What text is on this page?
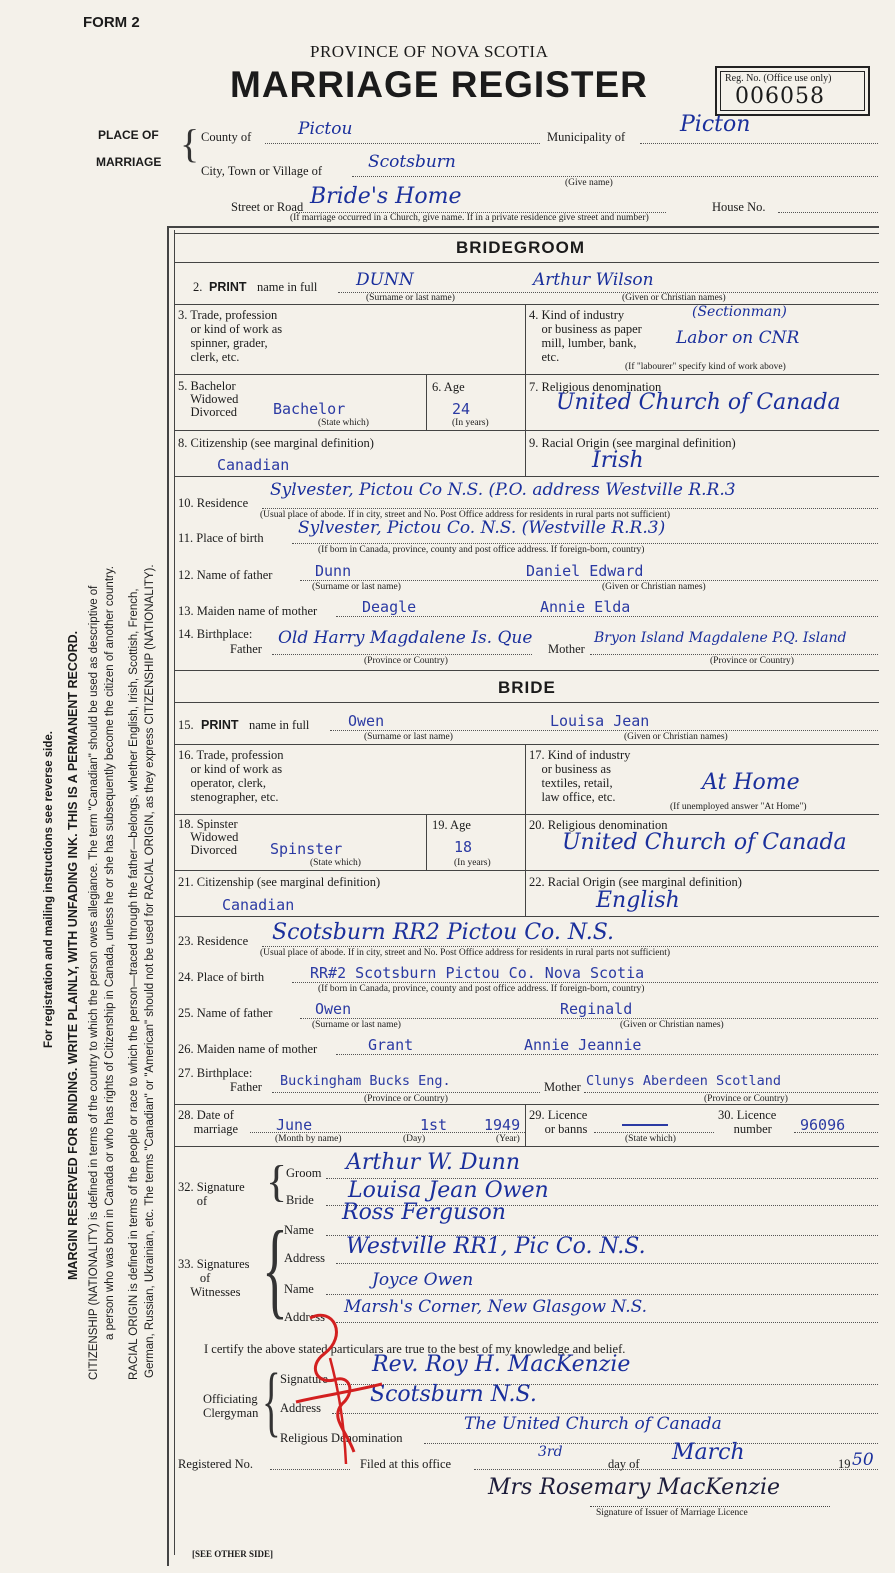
FORM 2
PROVINCE OF NOVA SCOTIA
MARRIAGE REGISTER	Reg. No. (Office use only)
006058
PLACE OF
MARRIAGE { County of	Pictou	Municipality of Picton
City, Town or Village of	Scotsburn
(Give name)
Street or Road Bride's Home	House No.
(If marriage occurred in a Church, give name. If in a private residence give street and number)
For registration and mailing instructions see reverse side. MARGIN RESERVED FOR BINDING. WRITE PLAINLY, WITH UNFADING INK. THIS IS A PERMANENT RECORD. CITIZENSHIP (NATIONALITY) is defined in terms of the country to which the person owes allegiance. The term "Canadian" should be used as descriptive of a person who was born in Canada or who has rights of Citizenship in Canada, unless he or she has subsequently become the citizen of another country. RACIAL ORIGIN is defined in terms of the people or race to which the person—traced through the father—belongs, whether English, Irish, Scottish, French, German, Russian, Ukrainian, etc. The terms "Canadian" or "American" should not be used for RACIAL ORIGIN, as they express CITIZENSHIP (NATIONALITY).
BRIDEGROOM
2. PRINT name in full DUNN	Arthur Wilson
(Surname or last name)	(Given or Christian names)
3. Trade, profession
or kind of work as
spinner, grader,
clerk, etc.
4. Kind of industry
or business as paper
mill, lumber, bank,
etc.
(Sectionman)
Labor on CNR
(If "labourer" specify kind of work above)
5. Bachelor
Widowed
Divorced Bachelor
(State which)
6. Age
24
(In years)
7. Religious denomination
United Church of Canada
8. Citizenship (see marginal definition)
Canadian
9. Racial Origin (see marginal definition)
Irish
10. Residence
Sylvester, Pictou Co N.S. (P.O. address Westville R.R.3
(Usual place of abode. If in city, street and No. Post Office address for residents in rural parts not sufficient)
11. Place of birth Sylvester, Pictou Co. N.S. (Westville R.R.3)
(If born in Canada, province, county and post office address. If foreign-born, country)
12. Name of father	Dunn	Daniel Edward
(Surname or last name)	(Given or Christian names)
13. Maiden name of mother	Deagle	Annie Elda
14. Birthplace:
Father
Old Harry Magdalene Is. Que
Mother
Bryon Island Magdalene P.Q. Island
(Province or Country)	(Province or Country)
BRIDE
15. PRINT name in full	Owen	Louisa Jean
(Surname or last name)	(Given or Christian names)
16. Trade, profession
or kind of work as
operator, clerk,
stenographer, etc.
17. Kind of industry
or business as
textiles, retail,
law office, etc.
At Home
(If unemployed answer "At Home")
18. Spinster
Widowed
Divorced Spinster
(State which)
19. Age
18
(In years)
20. Religious denomination
United Church of Canada
21. Citizenship (see marginal definition)
Canadian
22. Racial Origin (see marginal definition)
English
23. Residence Scotsburn RR2 Pictou Co. N.S.
(Usual place of abode. If in city, street and No. Post Office address for residents in rural parts not sufficient)
24. Place of birth	RR#2 Scotsburn Pictou Co. Nova Scotia
(If born in Canada, province, county and post office address. If foreign-born, country)
25. Name of father	Owen	Reginald
(Surname or last name)	(Given or Christian names)
26. Maiden name of mother	Grant	Annie Jeannie
27. Birthplace:
Father Buckingham Bucks Eng.	Mother Clunys Aberdeen Scotland
(Province or Country)	(Province or Country)
28. Date of
marriage	June	1st 1949
(Month by name)	(Day)	(Year)
29. Licence
or banns
(State which)
30. Licence
number	96096
32. Signature
of	{
Groom Arthur W. Dunn
Bride Louisa Jean Owen
33. Signatures
of
Witnesses {
Name
Ross Ferguson
Address Westville RR1, Pic Co. N.S.
Name	Joyce Owen
Address Marsh's Corner, New Glasgow N.S.
I certify the above stated particulars are true to the best of my knowledge and belief.
Officiating
Clergyman { Signature
Rev. Roy H. MacKenzie
Address
Scotsburn N.S.
Religious Denomination
The United Church of Canada
Registered No.	Filed at this office
3rd
day of March	19 50
Mrs Rosemary MacKenzie
Signature of Issuer of Marriage Licence
[SEE OTHER SIDE]
